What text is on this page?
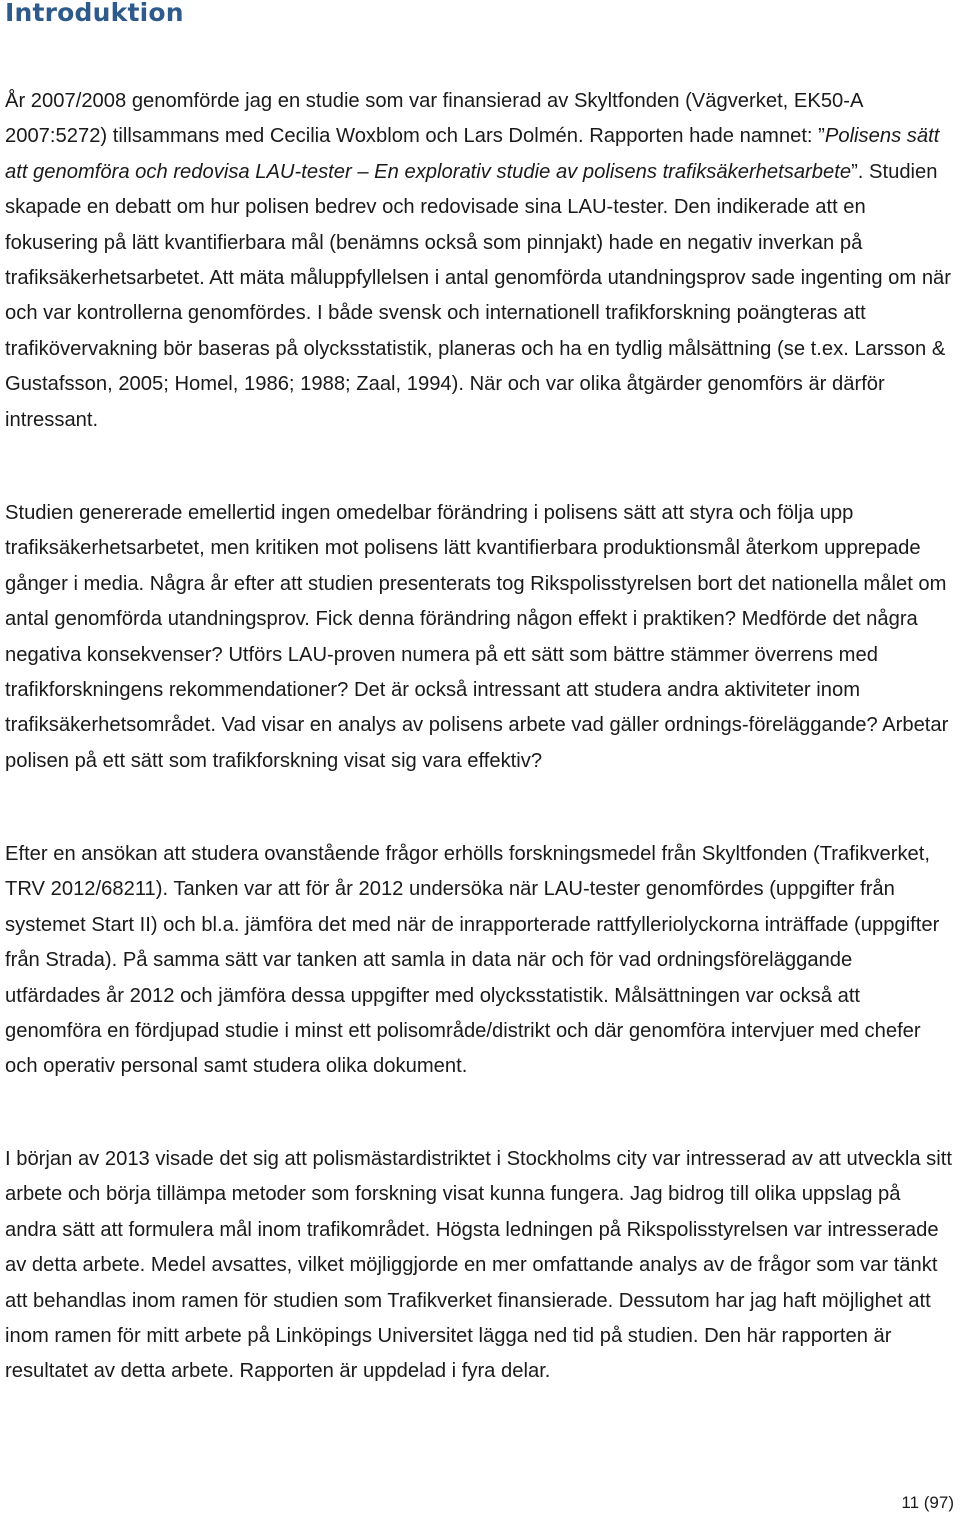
Introduktion

År 2007/2008 genomförde jag en studie som var finansierad av Skyltfonden (Vägverket, EK50-A 2007:5272) tillsammans med Cecilia Woxblom och Lars Dolmén. Rapporten hade namnet: ”Polisens sätt att genomföra och redovisa LAU-tester – En explorativ studie av polisens trafiksäkerhetsarbete”. Studien skapade en debatt om hur polisen bedrev och redovisade sina LAU-tester. Den indikerade att en fokusering på lätt kvantifierbara mål (benämns också som pinnjakt) hade en negativ inverkan på trafiksäkerhetsarbetet. Att mäta måluppfyllelsen i antal genomförda utandningsprov sade ingenting om när och var kontrollerna genomfördes. I både svensk och internationell trafikforskning poängteras att trafikövervakning bör baseras på olycksstatistik, planeras och ha en tydlig målsättning (se t.ex. Larsson & Gustafsson, 2005; Homel, 1986; 1988; Zaal, 1994). När och var olika åtgärder genomförs är därför intressant.

Studien genererade emellertid ingen omedelbar förändring i polisens sätt att styra och följa upp trafiksäkerhetsarbetet, men kritiken mot polisens lätt kvantifierbara produktionsmål återkom upprepade gånger i media. Några år efter att studien presenterats tog Rikspolisstyrelsen bort det nationella målet om antal genomförda utandningsprov. Fick denna förändring någon effekt i praktiken? Medförde det några negativa konsekvenser? Utförs LAU-proven numera på ett sätt som bättre stämmer överrens med trafikforskningens rekommendationer? Det är också intressant att studera andra aktiviteter inom trafiksäkerhetsområdet. Vad visar en analys av polisens arbete vad gäller ordnings-föreläggande? Arbetar polisen på ett sätt som trafikforskning visat sig vara effektiv?

Efter en ansökan att studera ovanstående frågor erhölls forskningsmedel från Skyltfonden (Trafikverket, TRV 2012/68211). Tanken var att för år 2012 undersöka när LAU-tester genomfördes (uppgifter från systemet Start II) och bl.a. jämföra det med när de inrapporterade rattfylleriolyckorna inträffade (uppgifter från Strada). På samma sätt var tanken att samla in data när och för vad ordningsföreläggande utfärdades år 2012 och jämföra dessa uppgifter med olycksstatistik. Målsättningen var också att genomföra en fördjupad studie i minst ett polisområde/distrikt och där genomföra intervjuer med chefer och operativ personal samt studera olika dokument.

I början av 2013 visade det sig att polismästardistriktet i Stockholms city var intresserad av att utveckla sitt arbete och börja tillämpa metoder som forskning visat kunna fungera. Jag bidrog till olika uppslag på andra sätt att formulera mål inom trafikområdet. Högsta ledningen på Rikspolisstyrelsen var intresserade av detta arbete. Medel avsattes, vilket möjliggjorde en mer omfattande analys av de frågor som var tänkt att behandlas inom ramen för studien som Trafikverket finansierade. Dessutom har jag haft möjlighet att inom ramen för mitt arbete på Linköpings Universitet lägga ned tid på studien. Den här rapporten är resultatet av detta arbete. Rapporten är uppdelad i fyra delar.

11 (97)
